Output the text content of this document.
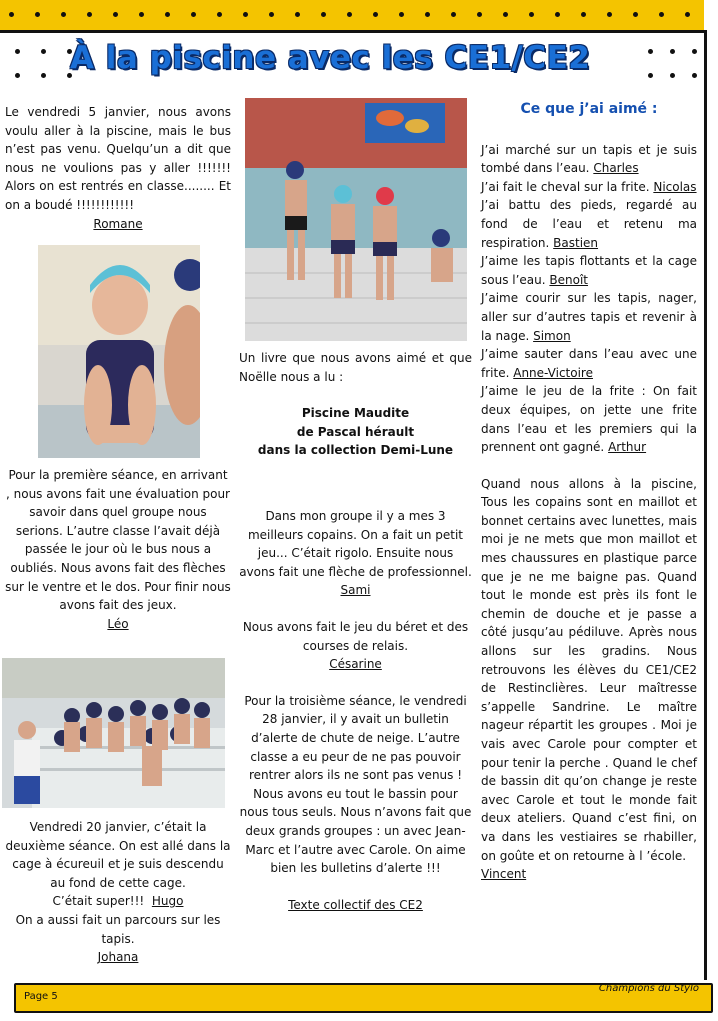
À la piscine avec les CE1/CE2

Le vendredi 5 janvier, nous avons voulu aller à la piscine, mais le bus n’est pas venu. Quelqu’un a dit que nous ne voulions pas y aller !!!!!!! Alors on est rentrés en classe........ Et on a boudé !!!!!!!!!!!!

Romane

Pour la première séance, en arrivant , nous avons fait une évaluation pour savoir dans quel groupe nous serions. L’autre classe l’avait déjà passée le jour où le bus nous a oubliés. Nous avons fait des flèches sur le ventre et le dos. Pour finir nous avons fait des jeux.

Léo

Vendredi 20 janvier, c’était la deuxième séance. On est allé dans la cage à écureuil et je suis descendu au fond de cette cage.

C’était super!!! Hugo

On a aussi fait un parcours sur les tapis.

Johana

Un livre que nous avons aimé et que Noëlle nous a lu :

Piscine Maudite

de Pascal hérault

dans la collection Demi-Lune

Dans mon groupe il y a mes 3 meilleurs copains. On a fait un petit jeu... C’était rigolo. Ensuite nous avons fait une flèche de professionnel.

Sami

Nous avons fait le jeu du béret et des courses de relais.

Césarine

Pour la troisième séance, le vendredi 28 janvier, il y avait un bulletin d’alerte de chute de neige. L’autre classe a eu peur de ne pas pouvoir rentrer alors ils ne sont pas venus ! Nous avons eu tout le bassin pour nous tous seuls. Nous n’avons fait que deux grands groupes : un avec Jean-Marc et l’autre avec Carole. On aime bien les bulletins d’alerte !!!

Texte collectif des CE2

Ce que j’ai aimé :

J’ai marché sur un tapis et je suis tombé dans l’eau. Charles

J’ai fait le cheval sur la frite. Nicolas

J’ai battu des pieds, regardé au fond de l’eau et retenu ma respiration. Bastien

J’aime les tapis flottants et la cage sous l’eau. Benoît

J’aime courir sur les tapis, nager, aller sur d’autres tapis et revenir à la nage. Simon

J’aime sauter dans l’eau avec une frite. Anne-Victoire

J’aime le jeu de la frite : On fait deux équipes, on jette une frite dans l’eau et les premiers qui la prennent ont gagné. Arthur

Quand nous allons à la piscine, Tous les copains sont en maillot et bonnet certains avec lunettes, mais moi je ne mets que mon maillot et mes chaussures en plastique parce que je ne me baigne pas. Quand tout le monde est près ils font le chemin de douche et je passe a côté jusqu’au pédiluve. Après nous allons sur les gradins. Nous retrouvons les élèves du CE1/CE2 de Restinclières. Leur maîtresse s’appelle Sandrine. Le maître nageur répartit les groupes . Moi je vais avec Carole pour compter et pour tenir la perche . Quand le chef de bassin dit qu’on change je reste avec Carole et tout le monde fait deux ateliers. Quand c’est fini, on va dans les vestiaires se rhabiller, on goûte et on retourne à l ’école.

Vincent

Page 5
Champions du Stylo
